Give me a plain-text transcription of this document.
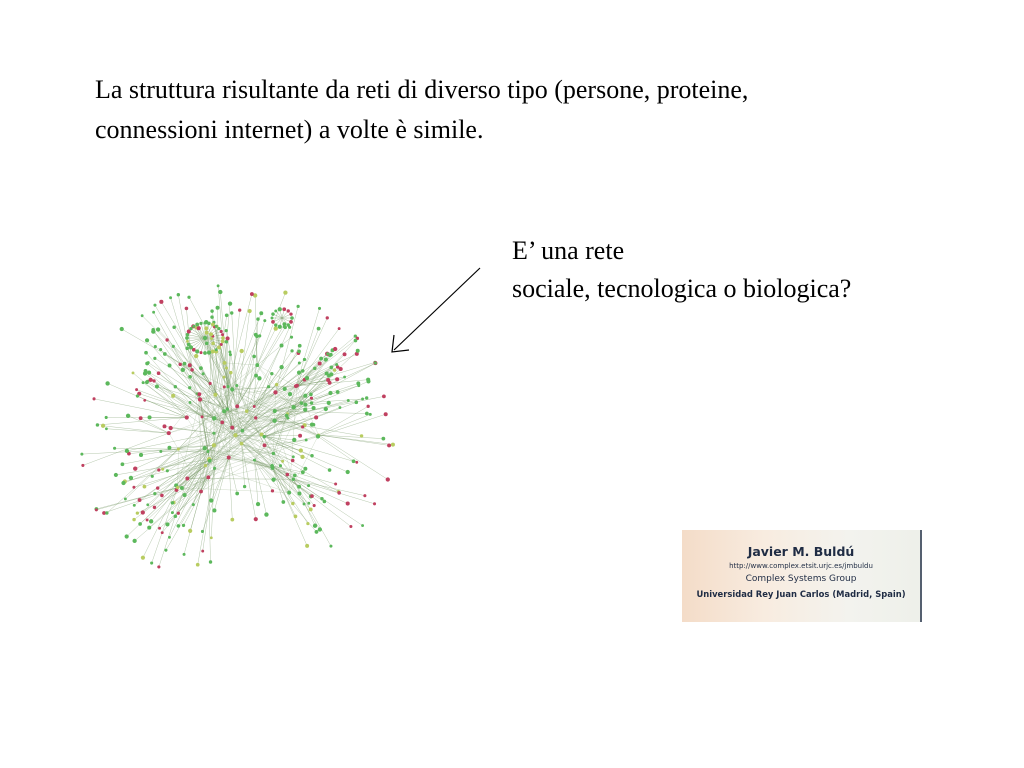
La struttura risultante da reti di diverso tipo (persone, proteine,
connessioni internet) a volte è simile.
E’ una rete
sociale, tecnologica o biologica?
Javier M. Buldú
http://www.complex.etsit.urjc.es/jmbuldu
Complex Systems Group
Universidad Rey Juan Carlos (Madrid, Spain)
